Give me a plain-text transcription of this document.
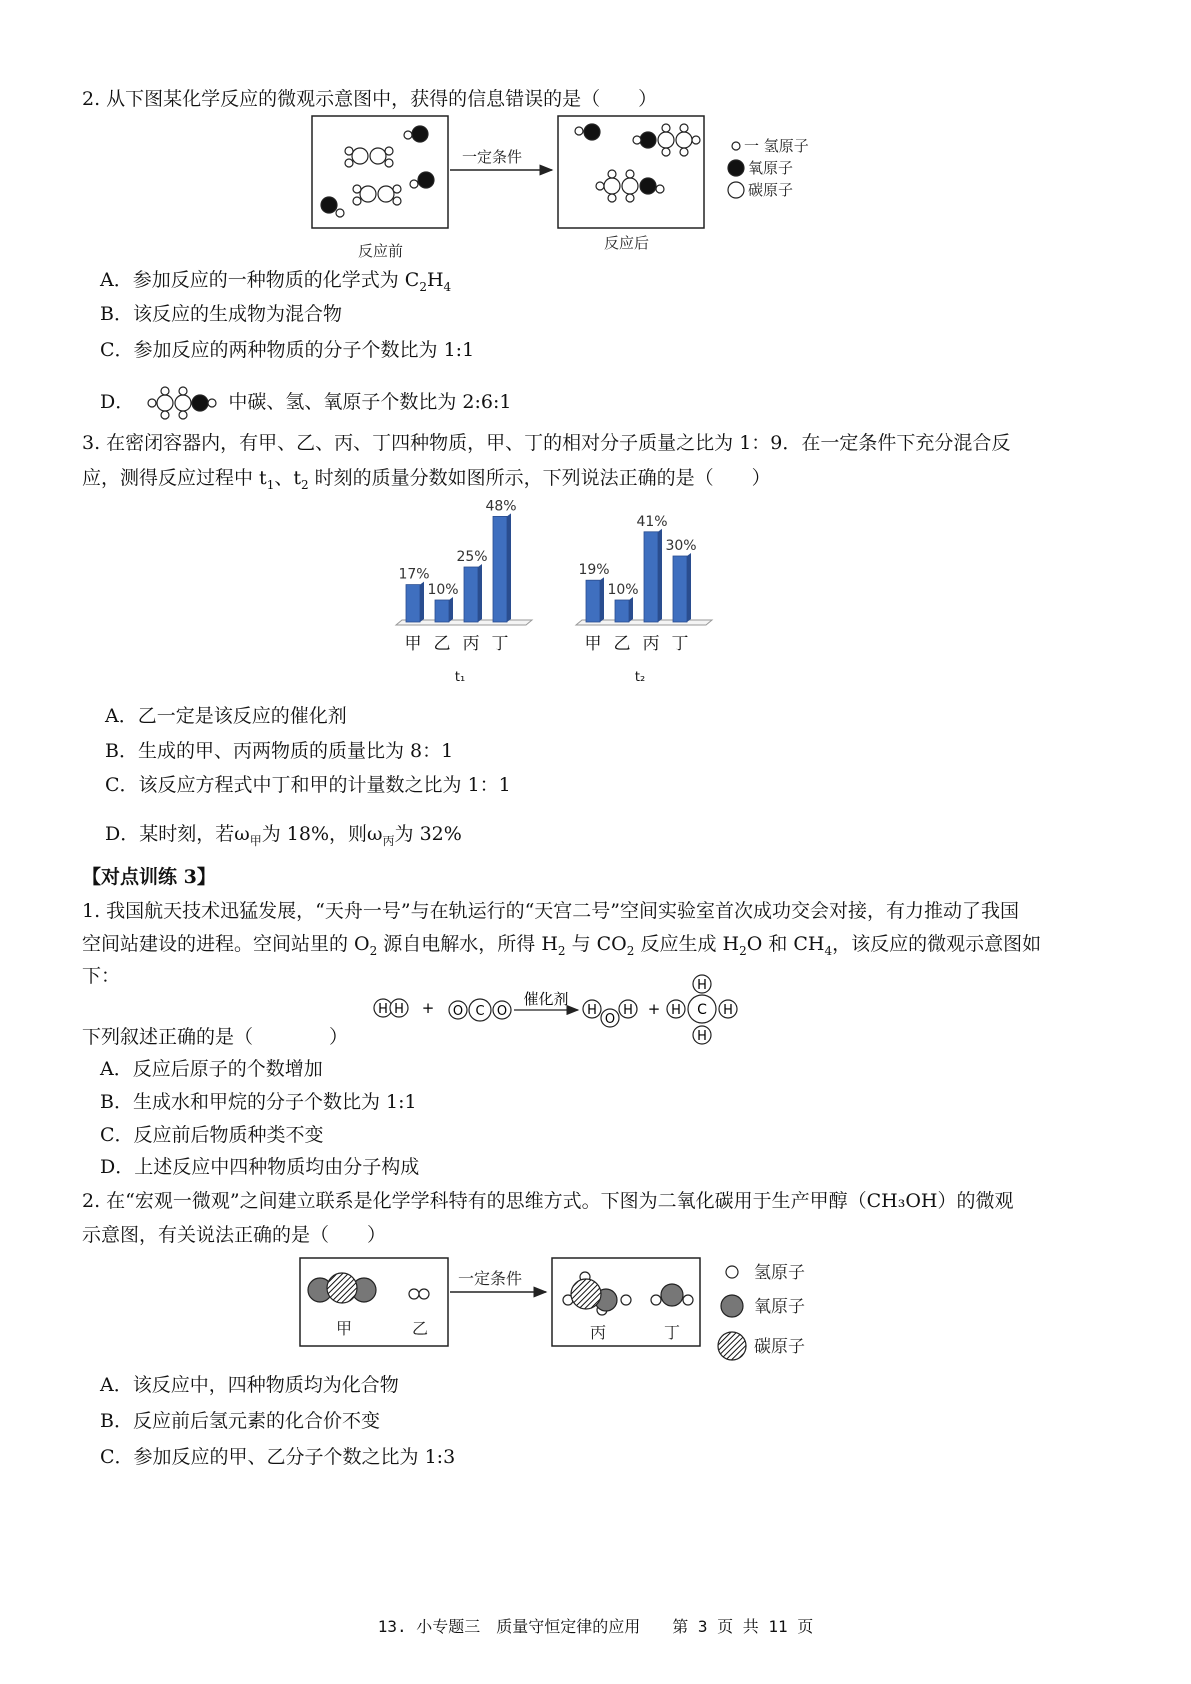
2. 从下图某化学反应的微观示意图中，获得的信息错误的是（　　）
一定条件
一 氢原子
氧原子
碳原子
反应前	反应后
A．参加反应的一种物质的化学式为 $C_2H_4$
B．该反应的生成物为混合物
C．参加反应的两种物质的分子个数比为 1:1
D．	中碳、氢、氧原子个数比为 2:6:1
3. 在密闭容器内，有甲、乙、丙、丁四种物质，甲、丁的相对分子质量之比为 1：9．在一定条件下充分混合反
应，测得反应过程中 $t_1$、$t_2$ 时刻的质量分数如图所示，下列说法正确的是（　　）
17%
甲
10%
乙
25%
丙
48%
丁
t₁
19%
甲
10%
乙
41%
丙
30%
丁
t₂
A．乙一定是该反应的催化剂
B．生成的甲、丙两物质的质量比为 8：1
C．该反应方程式中丁和甲的计量数之比为 1：1
D．某时刻，若$\omega_甲$为 18%，则$\omega_丙$为 32%
【对点训练 3】
1. 我国航天技术迅猛发展，“天舟一号”与在轨运行的“天宫二号”空间实验室首次成功交会对接，有力推动了我国
空间站建设的进程。空间站里的 $O_2$ 源自电解水，所得 $H_2$ 与 $CO_2$ 反应生成 $H_2O$ 和 $CH_4$，该反应的微观示意图如
下：
H H + O C O
催化剂
H
O
H +
H
H C H
H
下列叙述正确的是（　　　　）
A．反应后原子的个数增加
B．生成水和甲烷的分子个数比为 1:1
C．反应前后物质种类不变
D．上述反应中四种物质均由分子构成
2. 在“宏观一微观”之间建立联系是化学学科特有的思维方式。下图为二氧化碳用于生产甲醇（CH₃OH）的微观
示意图，有关说法正确的是（　　）
一定条件
甲	乙	丙	丁
氢原子
氧原子
碳原子
A．该反应中，四种物质均为化合物
B．反应前后氢元素的化合价不变
C．参加反应的甲、乙分子个数之比为 1:3
13. 小专题三　质量守恒定律的应用　　第 3 页 共 11 页
